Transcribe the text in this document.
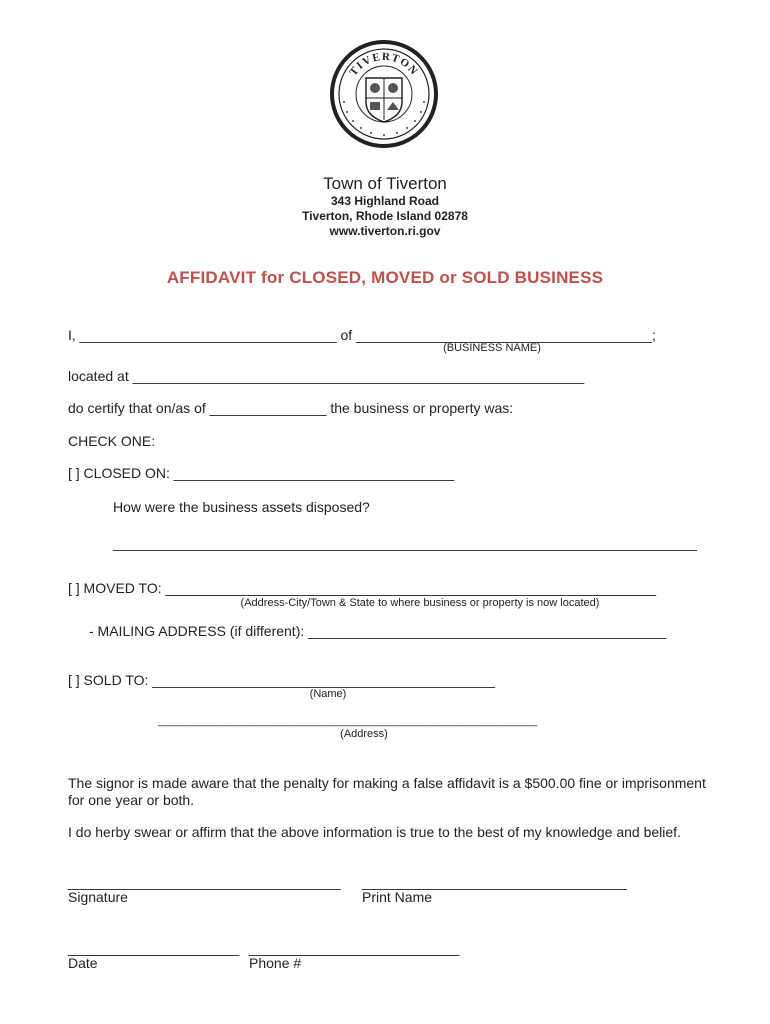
TIVERTON
Town of Tiverton
343 Highland Road
Tiverton, Rhode Island 02878
www.tiverton.ri.gov
AFFIDAVIT for CLOSED, MOVED or SOLD BUSINESS
I, _________________________________ of ______________________________________;
(BUSINESS NAME)
located at __________________________________________________________
do certify that on/as of _______________ the business or property was:
CHECK ONE:
[ ] CLOSED ON: ____________________________________
How were the business assets disposed?
___________________________________________________________________________
[ ] MOVED TO: _______________________________________________________________
(Address-City/Town & State to where business or property is now located)
- MAILING ADDRESS (if different): ______________________________________________
[ ] SOLD TO: ____________________________________________
(Name)
______________________________________________________________
(Address)
The signor is made aware that the penalty for making a false affidavit is a $500.00 fine or imprisonment
for one year or both.
I do herby swear or affirm that the above information is true to the best of my knowledge and belief.
___________________________________
Signature
__________________________________
Print Name
______________________
Date
___________________________
Phone #
